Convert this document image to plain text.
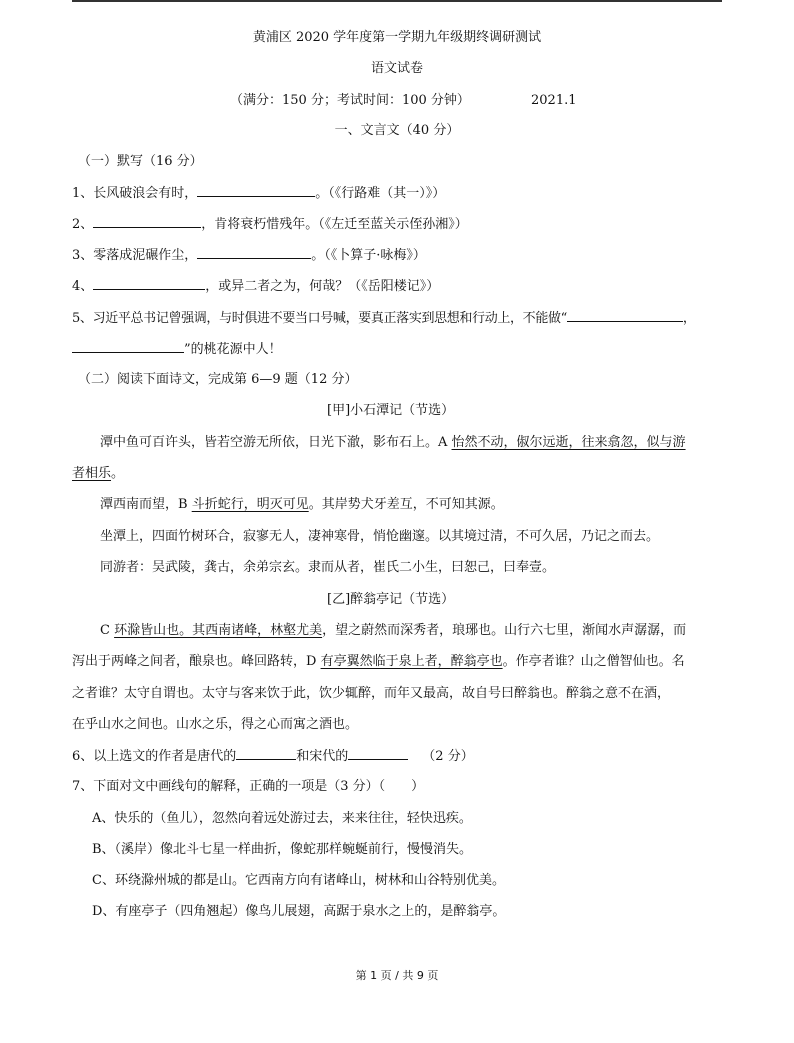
黄浦区 2020 学年度第一学期九年级期终调研测试
语文试卷
（满分：150 分；考试时间：100 分钟）	2021.1
一、文言文（40 分）
（一）默写（16 分）
1、长风破浪会有时，	。（《行路难（其一）》）
2、	，肯将衰朽惜残年。（《左迁至蓝关示侄孙湘》）
3、零落成泥碾作尘，	。（《卜算子·咏梅》）
4、	，或异二者之为，何哉？（《岳阳楼记》）
5、习近平总书记曾强调，与时俱进不要当口号喊，要真正落实到思想和行动上，不能做“	，
”的桃花源中人！
（二）阅读下面诗文，完成第 6—9 题（12 分）
[甲]小石潭记（节选）
潭中鱼可百许头，皆若空游无所依，日光下澈，影布石上。A 怡然不动，俶尔远逝，往来翕忽，似与游
者相乐。
潭西南而望，B 斗折蛇行，明灭可见。其岸势犬牙差互，不可知其源。
坐潭上，四面竹树环合，寂寥无人，凄神寒骨，悄怆幽邃。以其境过清，不可久居，乃记之而去。
同游者：吴武陵，龚古，余弟宗玄。隶而从者，崔氏二小生，曰恕己，曰奉壹。
[乙]醉翁亭记（节选）
C 环滁皆山也。其西南诸峰，林壑尤美，望之蔚然而深秀者，琅琊也。山行六七里，渐闻水声潺潺，而
泻出于两峰之间者，酿泉也。峰回路转，D 有亭翼然临于泉上者，醉翁亭也。作亭者谁？山之僧智仙也。名
之者谁？太守自谓也。太守与客来饮于此，饮少辄醉，而年又最高，故自号曰醉翁也。醉翁之意不在酒，
在乎山水之间也。山水之乐，得之心而寓之酒也。
6、以上选文的作者是唐代的	和宋代的	（2 分）
7、下面对文中画线句的解释，正确的一项是（3 分）（　　）
A、快乐的（鱼儿），忽然向着远处游过去，来来往往，轻快迅疾。
B、（溪岸）像北斗七星一样曲折，像蛇那样蜿蜒前行，慢慢消失。
C、环绕滁州城的都是山。它西南方向有诸峰山，树林和山谷特别优美。
D、有座亭子（四角翘起）像鸟儿展翅，高踞于泉水之上的，是醉翁亭。
第 1 页 / 共 9 页
